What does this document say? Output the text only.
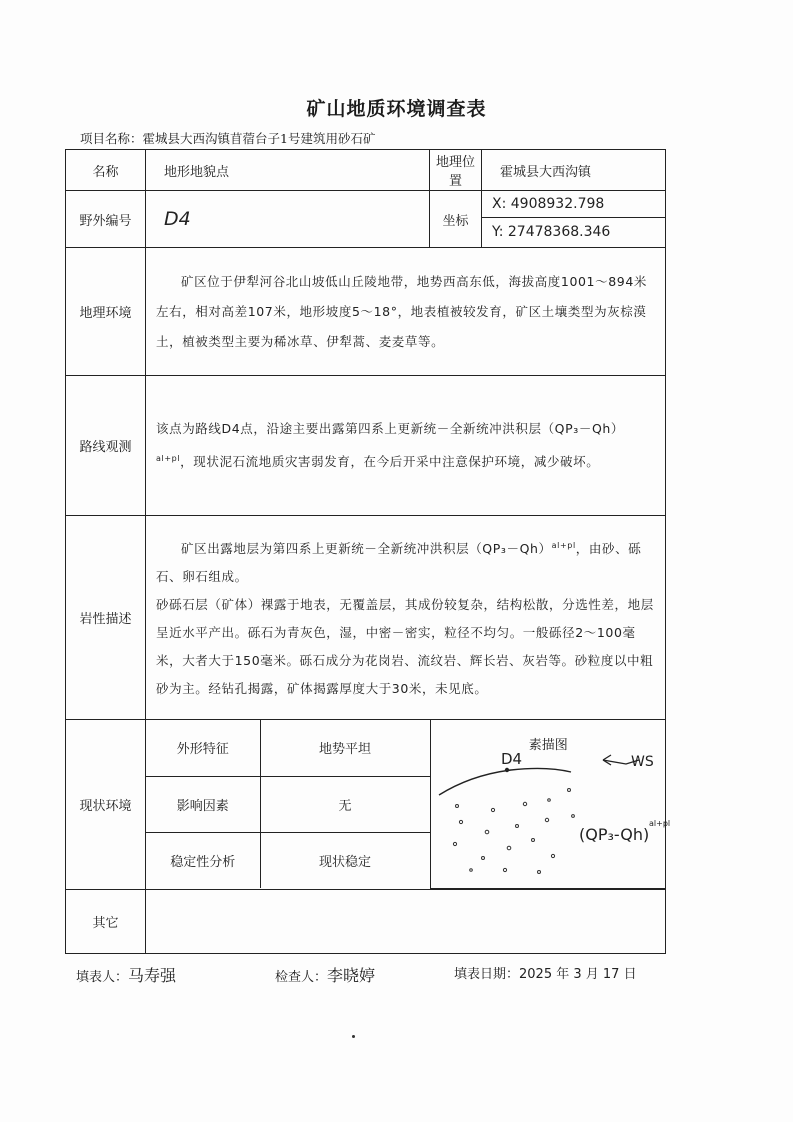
矿山地质环境调查表
项目名称：霍城县大西沟镇苜蓿台子1号建筑用砂石矿
名称	地形地貌点	地理位置	霍城县大西沟镇
野外编号	D4	坐标	
X: 4908932.798
Y: 27478368.346

地理环境	

矿区位于伊犁河谷北山坡低山丘陵地带，地势西高东低，海拔高度1001～894米左右，相对高差107米，地形坡度5～18°，地表植被较发育，矿区土壤类型为灰棕漠土，植被类型主要为稀冰草、伊犁蒿、麦麦草等。

路线观测	

该点为路线D4点，沿途主要出露第四系上更新统－全新统冲洪积层$(QP_3-Qh)^{al+pl}$，现状泥石流地质灾害弱发育，在今后开采中注意保护环境，减少破坏。

岩性描述	

矿区出露地层为第四系上更新统－全新统冲洪积层$(QP_3-Qh)^{al+pl}$，由砂、砾石、卵石组成。

砂砾石层（矿体）裸露于地表，无覆盖层，其成份较复杂，结构松散，分选性差，地层呈近水平产出。砾石为青灰色，湿，中密－密实，粒径不均匀。一般砾径2～100毫米，大者大于150毫米。砾石成分为花岗岩、流纹岩、辉长岩、灰岩等。砂粒度以中粗砂为主。经钻孔揭露，矿体揭露厚度大于30米，未见底。

现状环境	
外形特征	地势平坦	素描图
D4	WS
(QP₃-Qh)
al+pl

影响因素	无
稳定性分析	现状稳定

其它	
填表人：马寿强	检查人：李晓婷	填表日期：2025 年 3 月 17 日
